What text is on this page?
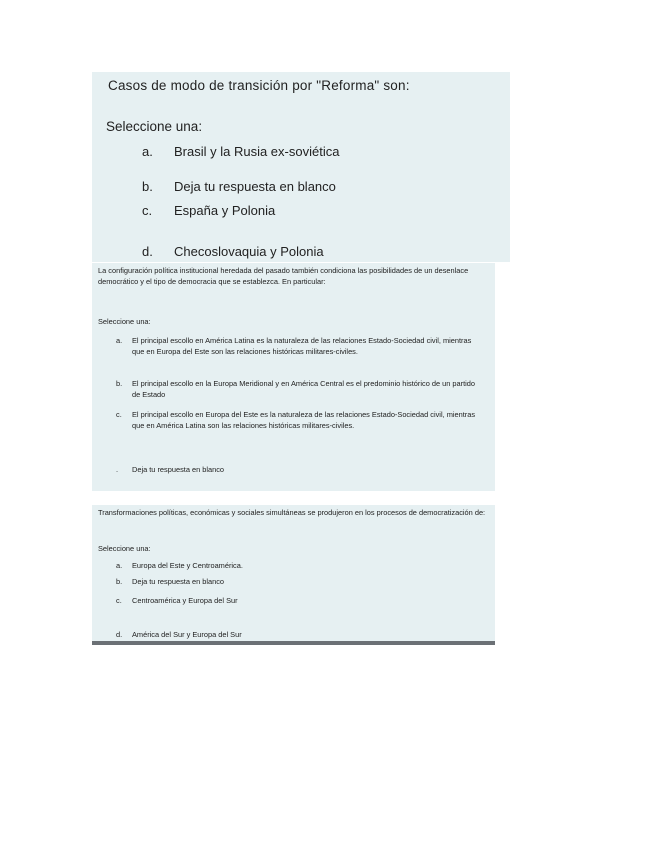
Casos de modo de transición por "Reforma" son:
Seleccione una:
a. Brasil y la Rusia ex-soviética
b. Deja tu respuesta en blanco
c. España y Polonia
d. Checoslovaquia y Polonia
La configuración política institucional heredada del pasado también condiciona las posibilidades de un desenlace democrático y el tipo de democracia que se establezca. En particular:
Seleccione una:
a.	El principal escollo en América Latina es la naturaleza de las relaciones Estado-Sociedad civil, mientras que en Europa del Este son las relaciones históricas militares-civiles.
b.	El principal escollo en la Europa Meridional y en América Central es el predominio histórico de un partido de Estado
c.	El principal escollo en Europa del Este es la naturaleza de las relaciones Estado-Sociedad civil, mientras que en América Latina son las relaciones históricas militares-civiles.
.	Deja tu respuesta en blanco
Transformaciones políticas, económicas y sociales simultáneas se produjeron en los procesos de democratización de:
Seleccione una:
a.	Europa del Este y Centroamérica.
b.	Deja tu respuesta en blanco
c.	Centroamérica y Europa del Sur
d.	América del Sur y Europa del Sur
